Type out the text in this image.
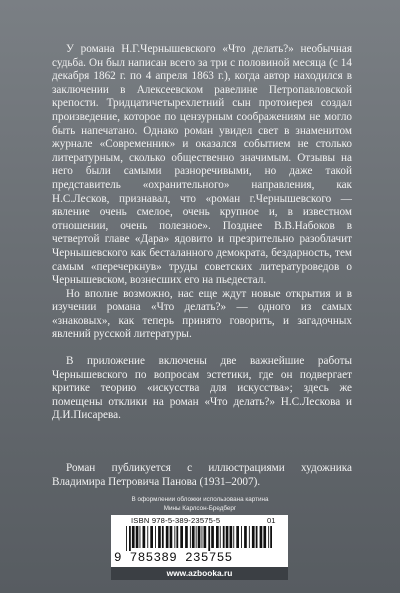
У романа Н.Г.Чернышевского «Что делать?» необычная судьба. Он был написан всего за три с половиной месяца (с 14 декабря 1862 г. по 4 апреля 1863 г.), когда автор находился в заключении в Алексеевском равелине Петропавловской крепости. Тридцатичетырехлетний сын протоиерея создал произведение, которое по цензурным соображениям не могло быть напечатано. Однако роман увидел свет в знаменитом журнале «Современник» и оказался событием не столько литературным, сколько общественно значимым. Отзывы на него были самыми разноречивыми, но даже такой представитель «охранительного» направления, как Н.С.Лесков, признавал, что «роман г.Чернышевского — явление очень смелое, очень крупное и, в известном отношении, очень полезное». Позднее В.В.Набоков в четвертой главе «Дара» ядовито и презрительно разоблачит Чернышевского как бесталанного демократа, бездарность, тем самым «перечеркнув» труды советских литературоведов о Чернышевском, вознесших его на пьедестал.

Но вполне возможно, нас еще ждут новые открытия и в изучении романа «Что делать?» — одного из самых «знаковых», как теперь принято говорить, и загадочных явлений русской литературы.

В приложение включены две важнейшие работы Чернышевского по вопросам эстетики, где он подвергает критике теорию «искусства для искусства»; здесь же помещены отклики на роман «Что делать?» Н.С.Лескова и Д.И.Писарева.

Роман публикуется с иллюстрациями художника Владимира Петровича Панова (1931–2007).

В оформлении обложки использована картина
Мины Карлсон-Бредберг
ISBN 978-5-389-23575-5	01
9 785389 235755
www.azbooka.ru
